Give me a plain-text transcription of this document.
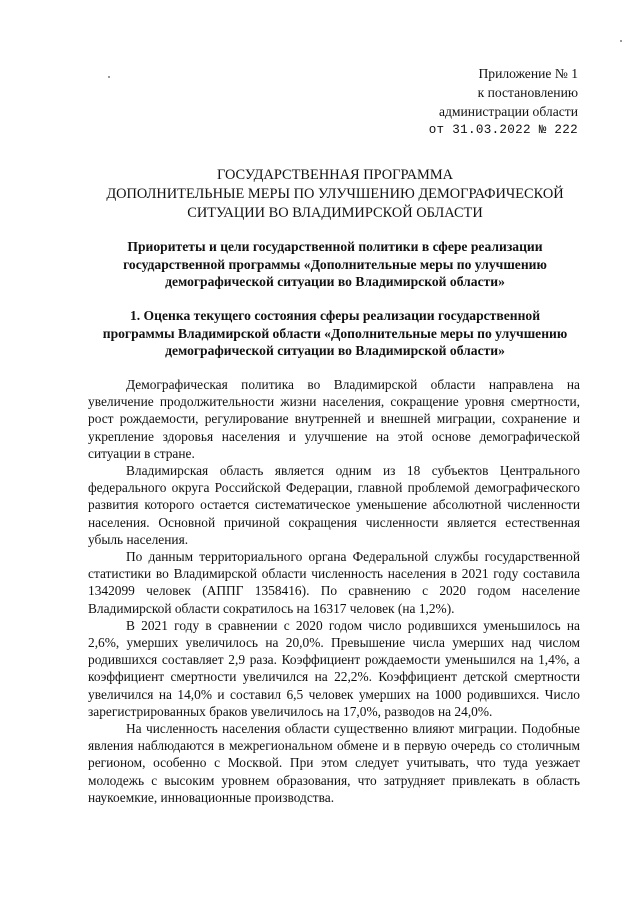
Приложение № 1
к постановлению
администрации области
от 31.03.2022 № 222
ГОСУДАРСТВЕННАЯ ПРОГРАММА
ДОПОЛНИТЕЛЬНЫЕ МЕРЫ ПО УЛУЧШЕНИЮ ДЕМОГРАФИЧЕСКОЙ
СИТУАЦИИ ВО ВЛАДИМИРСКОЙ ОБЛАСТИ
Приоритеты и цели государственной политики в сфере реализации
государственной программы «Дополнительные меры по улучшению
демографической ситуации во Владимирской области»
1. Оценка текущего состояния сферы реализации государственной
программы Владимирской области «Дополнительные меры по улучшению
демографической ситуации во Владимирской области»

Демографическая политика во Владимирской области направлена на увеличение продолжительности жизни населения, сокращение уровня смертности, рост рождаемости, регулирование внутренней и внешней миграции, сохранение и укрепление здоровья населения и улучшение на этой основе демографической ситуации в стране.

Владимирская область является одним из 18 субъектов Центрального федерального округа Российской Федерации, главной проблемой демографического развития которого остается систематическое уменьшение абсолютной численности населения. Основной причиной сокращения численности является естественная убыль населения.

По данным территориального органа Федеральной службы государственной статистики во Владимирской области численность населения в 2021 году составила 1342099 человек (АППГ 1358416). По сравнению с 2020 годом население Владимирской области сократилось на 16317 человек (на 1,2%).

В 2021 году в сравнении с 2020 годом число родившихся уменьшилось на 2,6%, умерших увеличилось на 20,0%. Превышение числа умерших над числом родившихся составляет 2,9 раза. Коэффициент рождаемости уменьшился на 1,4%, а коэффициент смертности увеличился на 22,2%. Коэффициент детской смертности увеличился на 14,0% и составил 6,5 человек умерших на 1000 родившихся. Число зарегистрированных браков увеличилось на 17,0%, разводов на 24,0%.

На численность населения области существенно влияют миграции. Подобные явления наблюдаются в межрегиональном обмене и в первую очередь со столичным регионом, особенно с Москвой. При этом следует учитывать, что туда уезжает молодежь с высоким уровнем образования, что затрудняет привлекать в область наукоемкие, инновационные производства.
